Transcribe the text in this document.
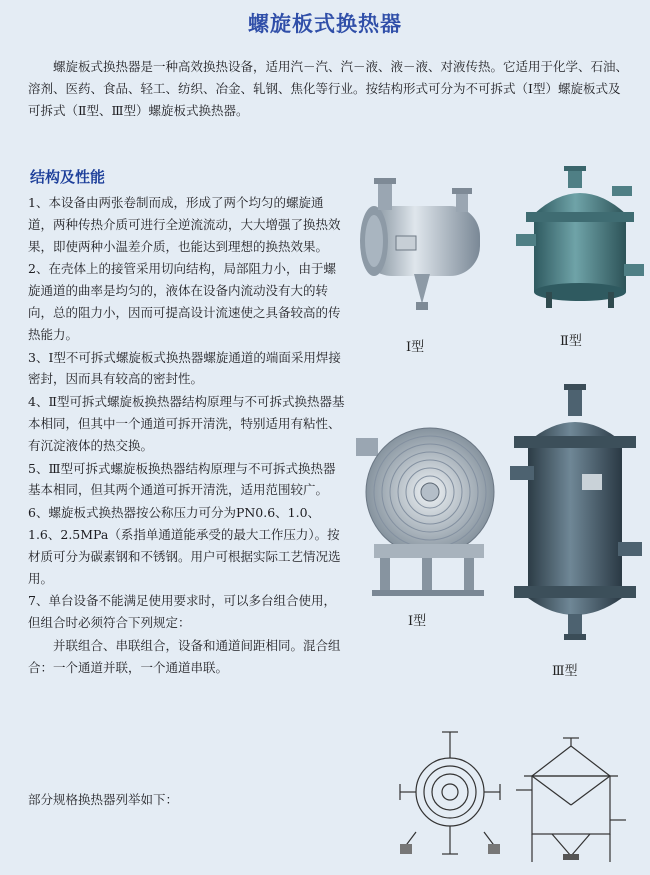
螺旋板式换热器
螺旋板式换热器是一种高效换热设备，适用汽－汽、汽－液、液－液、对液传热。它适用于化学、石油、溶剂、医药、食品、轻工、纺织、冶金、轧钢、焦化等行业。按结构形式可分为不可拆式（Ⅰ型）螺旋板式及可拆式（Ⅱ型、Ⅲ型）螺旋板式换热器。
结构及性能

1、本设备由两张卷制而成，形成了两个均匀的螺旋通道，两种传热介质可进行全逆流流动，大大增强了换热效果，即使两种小温差介质，也能达到理想的换热效果。

2、在壳体上的接管采用切向结构，局部阻力小，由于螺旋通道的曲率是均匀的，液体在设备内流动没有大的转向，总的阻力小，因而可提高设计流速使之具备较高的传热能力。

3、Ⅰ型不可拆式螺旋板式换热器螺旋通道的端面采用焊接密封，因而具有较高的密封性。

4、Ⅱ型可拆式螺旋板换热器结构原理与不可拆式换热器基本相同，但其中一个通道可拆开清洗，特别适用有粘性、有沉淀液体的热交换。

5、Ⅲ型可拆式螺旋板换热器结构原理与不可拆式换热器基本相同，但其两个通道可拆开清洗，适用范围较广。

6、螺旋板式换热器按公称压力可分为PN0.6、1.0、1.6、2.5MPa（系指单通道能承受的最大工作压力）。按材质可分为碳素钢和不锈钢。用户可根据实际工艺情况选用。

7、单台设备不能满足使用要求时，可以多台组合使用，但组合时必须符合下列规定：

并联组合、串联组合，设备和通道间距相同。混合组合：一个通道并联，一个通道串联。

部分规格换热器列举如下：
Ⅰ型	Ⅱ型
Ⅰ型
Ⅲ型
